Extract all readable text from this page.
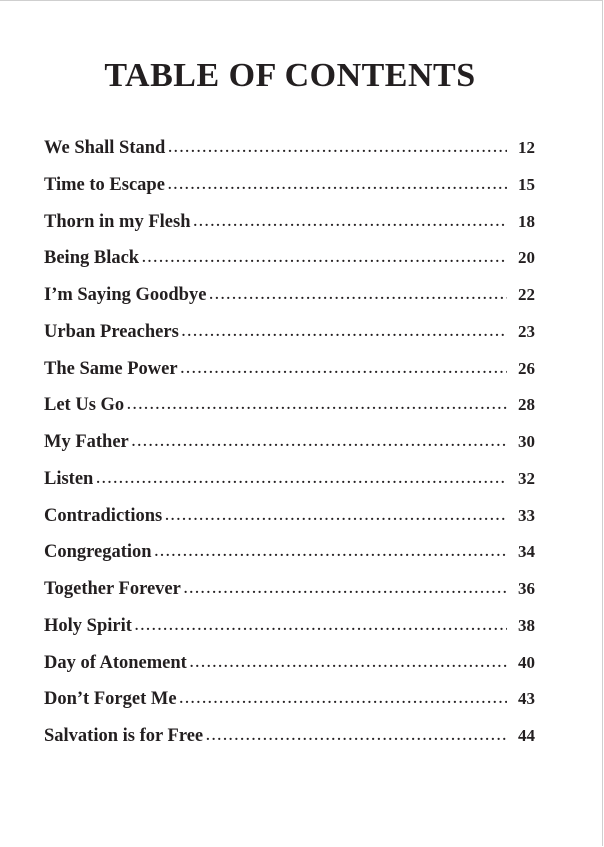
TABLE OF CONTENTS
We Shall Stand .....	12
Time to Escape .....	15
Thorn in my Flesh .....	18
Being Black .....	20
I’m Saying Goodbye .....	22
Urban Preachers .....	23
The Same Power .....	26
Let Us Go .....	28
My Father .....	30
Listen .....	32
Contradictions .....	33
Congregation .....	34
Together Forever .....	36
Holy Spirit .....	38
Day of Atonement .....	40
Don’t Forget Me .....	43
Salvation is for Free .....	44
